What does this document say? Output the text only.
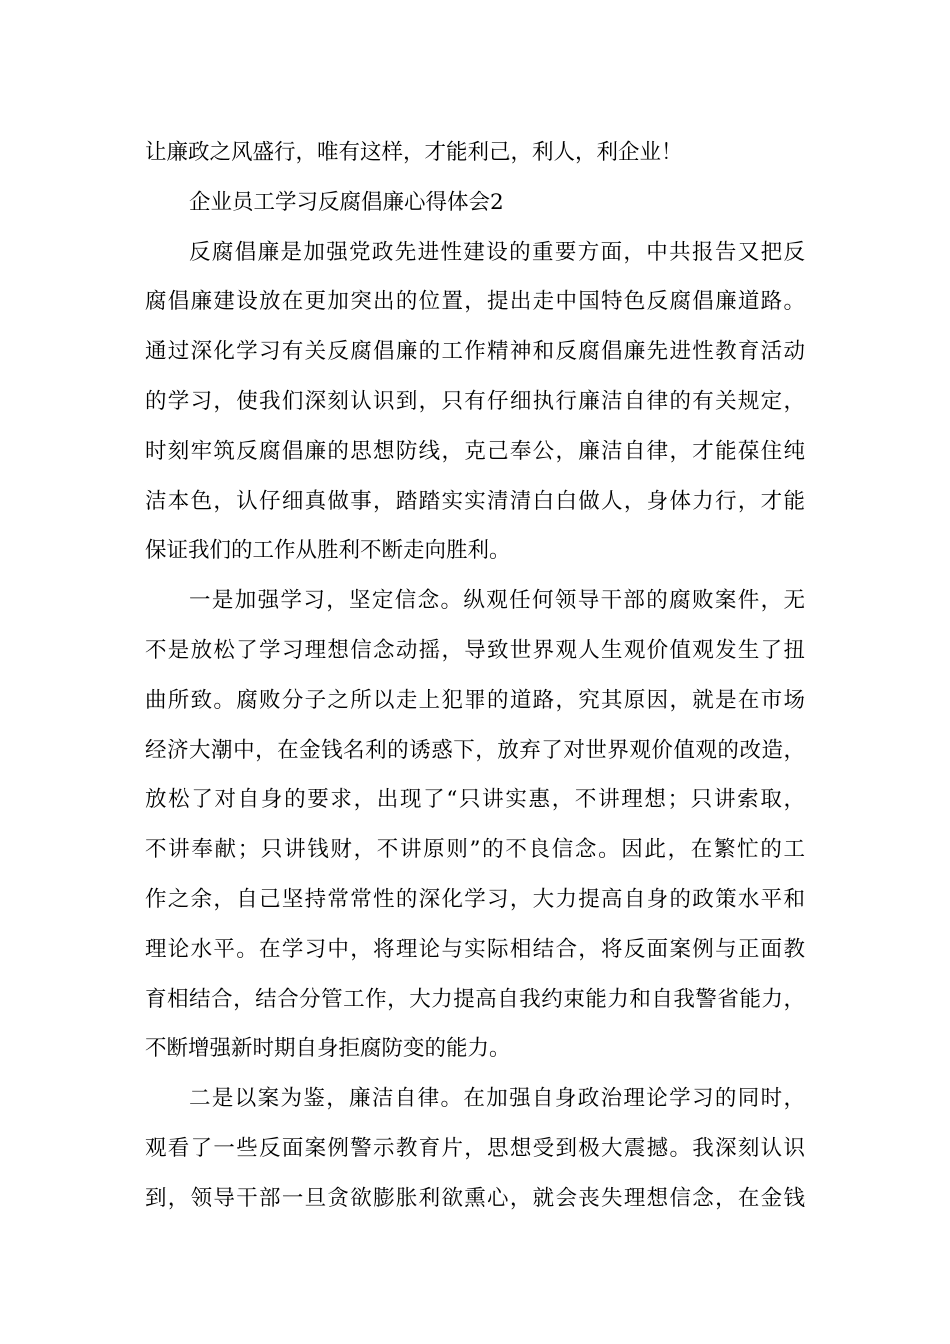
让廉政之风盛行，唯有这样，才能利己，利人，利企业！
企业员工学习反腐倡廉心得体会2
反腐倡廉是加强党政先进性建设的重要方面，中共报告又把反
腐倡廉建设放在更加突出的位置，提出走中国特色反腐倡廉道路。
通过深化学习有关反腐倡廉的工作精神和反腐倡廉先进性教育活动
的学习，使我们深刻认识到，只有仔细执行廉洁自律的有关规定，
时刻牢筑反腐倡廉的思想防线，克己奉公，廉洁自律，才能葆住纯
洁本色，认仔细真做事，踏踏实实清清白白做人，身体力行，才能
保证我们的工作从胜利不断走向胜利。
一是加强学习，坚定信念。纵观任何领导干部的腐败案件，无
不是放松了学习理想信念动摇，导致世界观人生观价值观发生了扭
曲所致。腐败分子之所以走上犯罪的道路，究其原因，就是在市场
经济大潮中，在金钱名利的诱惑下，放弃了对世界观价值观的改造，
放松了对自身的要求，出现了“只讲实惠，不讲理想；只讲索取，
不讲奉献；只讲钱财，不讲原则”的不良信念。因此，在繁忙的工
作之余，自己坚持常常性的深化学习，大力提高自身的政策水平和
理论水平。在学习中，将理论与实际相结合，将反面案例与正面教
育相结合，结合分管工作，大力提高自我约束能力和自我警省能力，
不断增强新时期自身拒腐防变的能力。
二是以案为鉴，廉洁自律。在加强自身政治理论学习的同时，
观看了一些反面案例警示教育片，思想受到极大震撼。我深刻认识
到，领导干部一旦贪欲膨胀利欲熏心，就会丧失理想信念，在金钱
